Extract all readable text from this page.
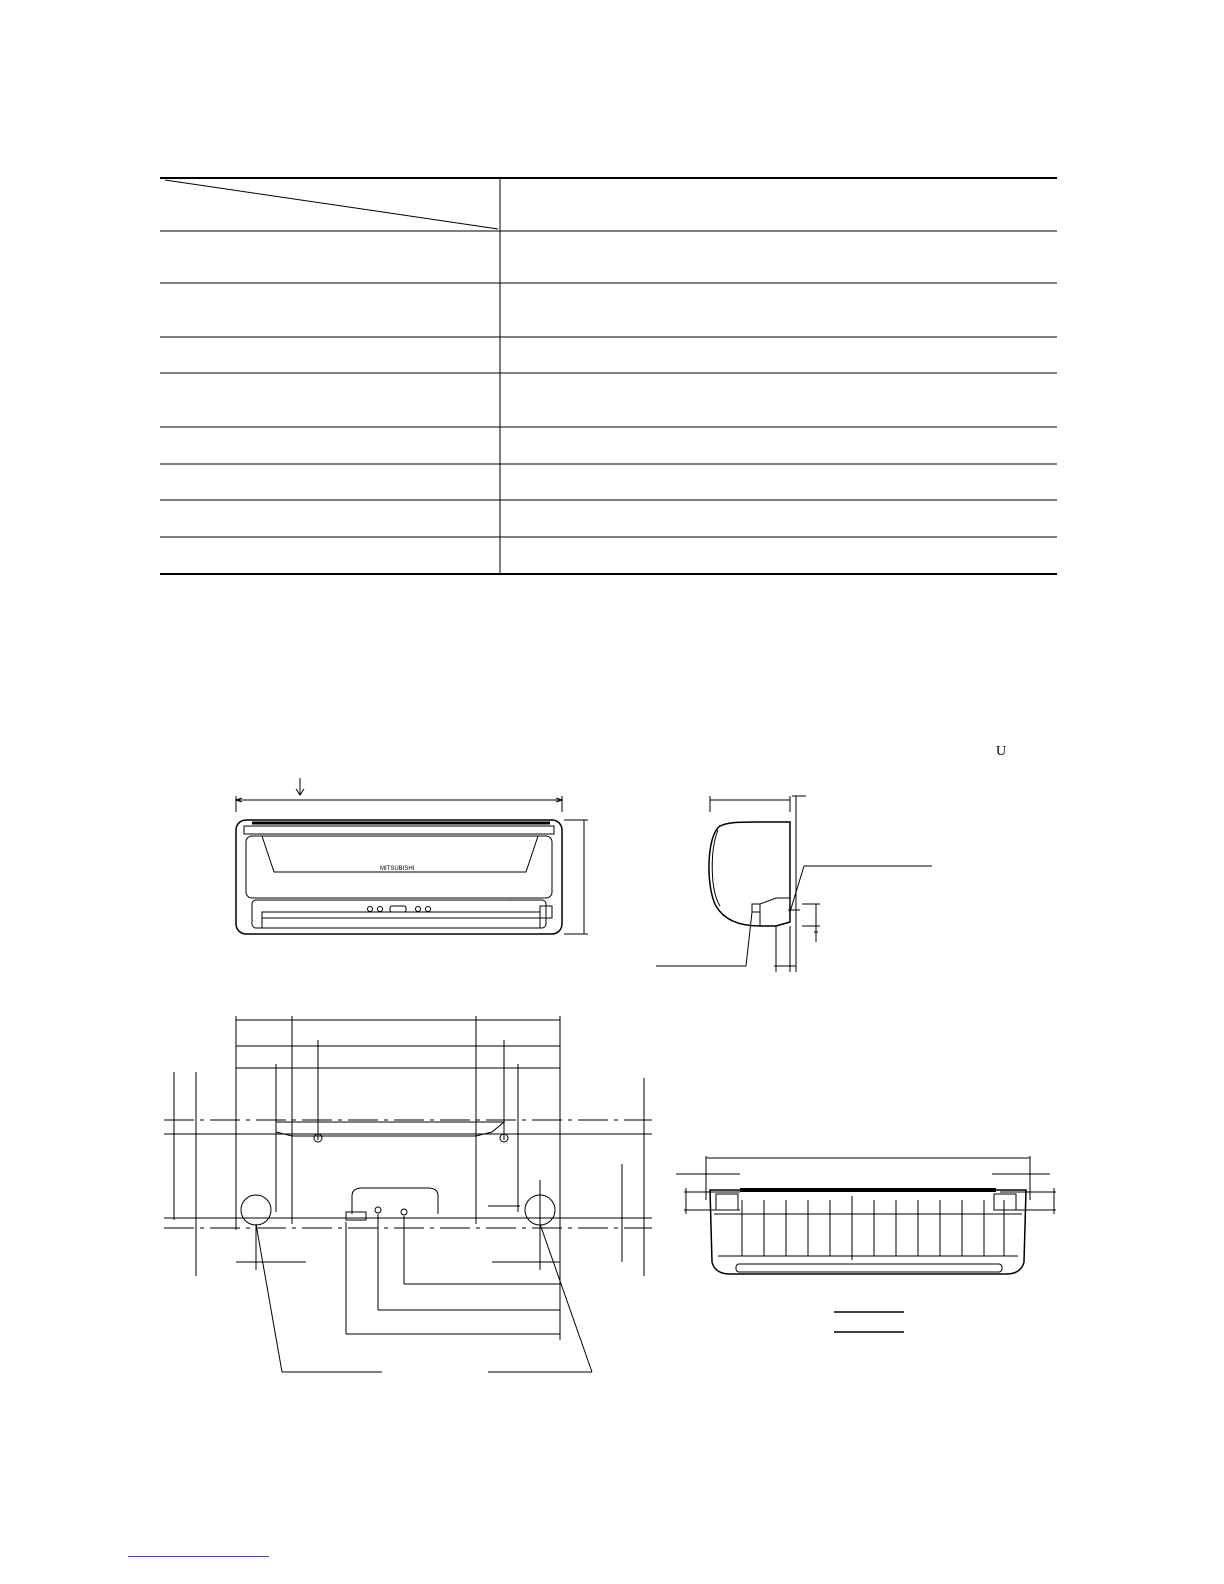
U
MITSUBISHI
·
